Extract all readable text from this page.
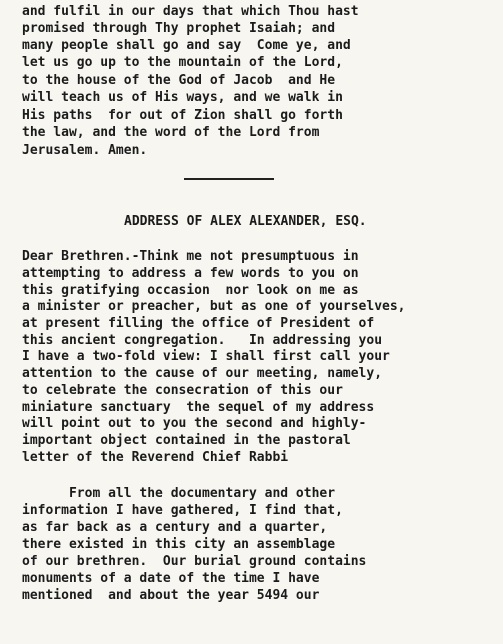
and fulfil in our days that which Thou hast
promised through Thy prophet Isaiah; and
many people shall go and say  Come ye, and
let us go up to the mountain of the Lord,
to the house of the God of Jacob  and He
will teach us of His ways, and we walk in
His paths  for out of Zion shall go forth
the law, and the word of the Lord from
Jerusalem. Amen.
ADDRESS OF ALEX ALEXANDER, ESQ.
Dear Brethren.-Think me not presumptuous in
attempting to address a few words to you on
this gratifying occasion  nor look on me as
a minister or preacher, but as one of yourselves,
at present filling the office of President of
this ancient congregation.   In addressing you
I have a two-fold view: I shall first call your
attention to the cause of our meeting, namely,
to celebrate the consecration of this our
miniature sanctuary  the sequel of my address
will point out to you the second and highly-
important object contained in the pastoral
letter of the Reverend Chief Rabbi
From all the documentary and other
information I have gathered, I find that,
as far back as a century and a quarter,
there existed in this city an assemblage
of our brethren.  Our burial ground contains
monuments of a date of the time I have
mentioned  and about the year 5494 our
